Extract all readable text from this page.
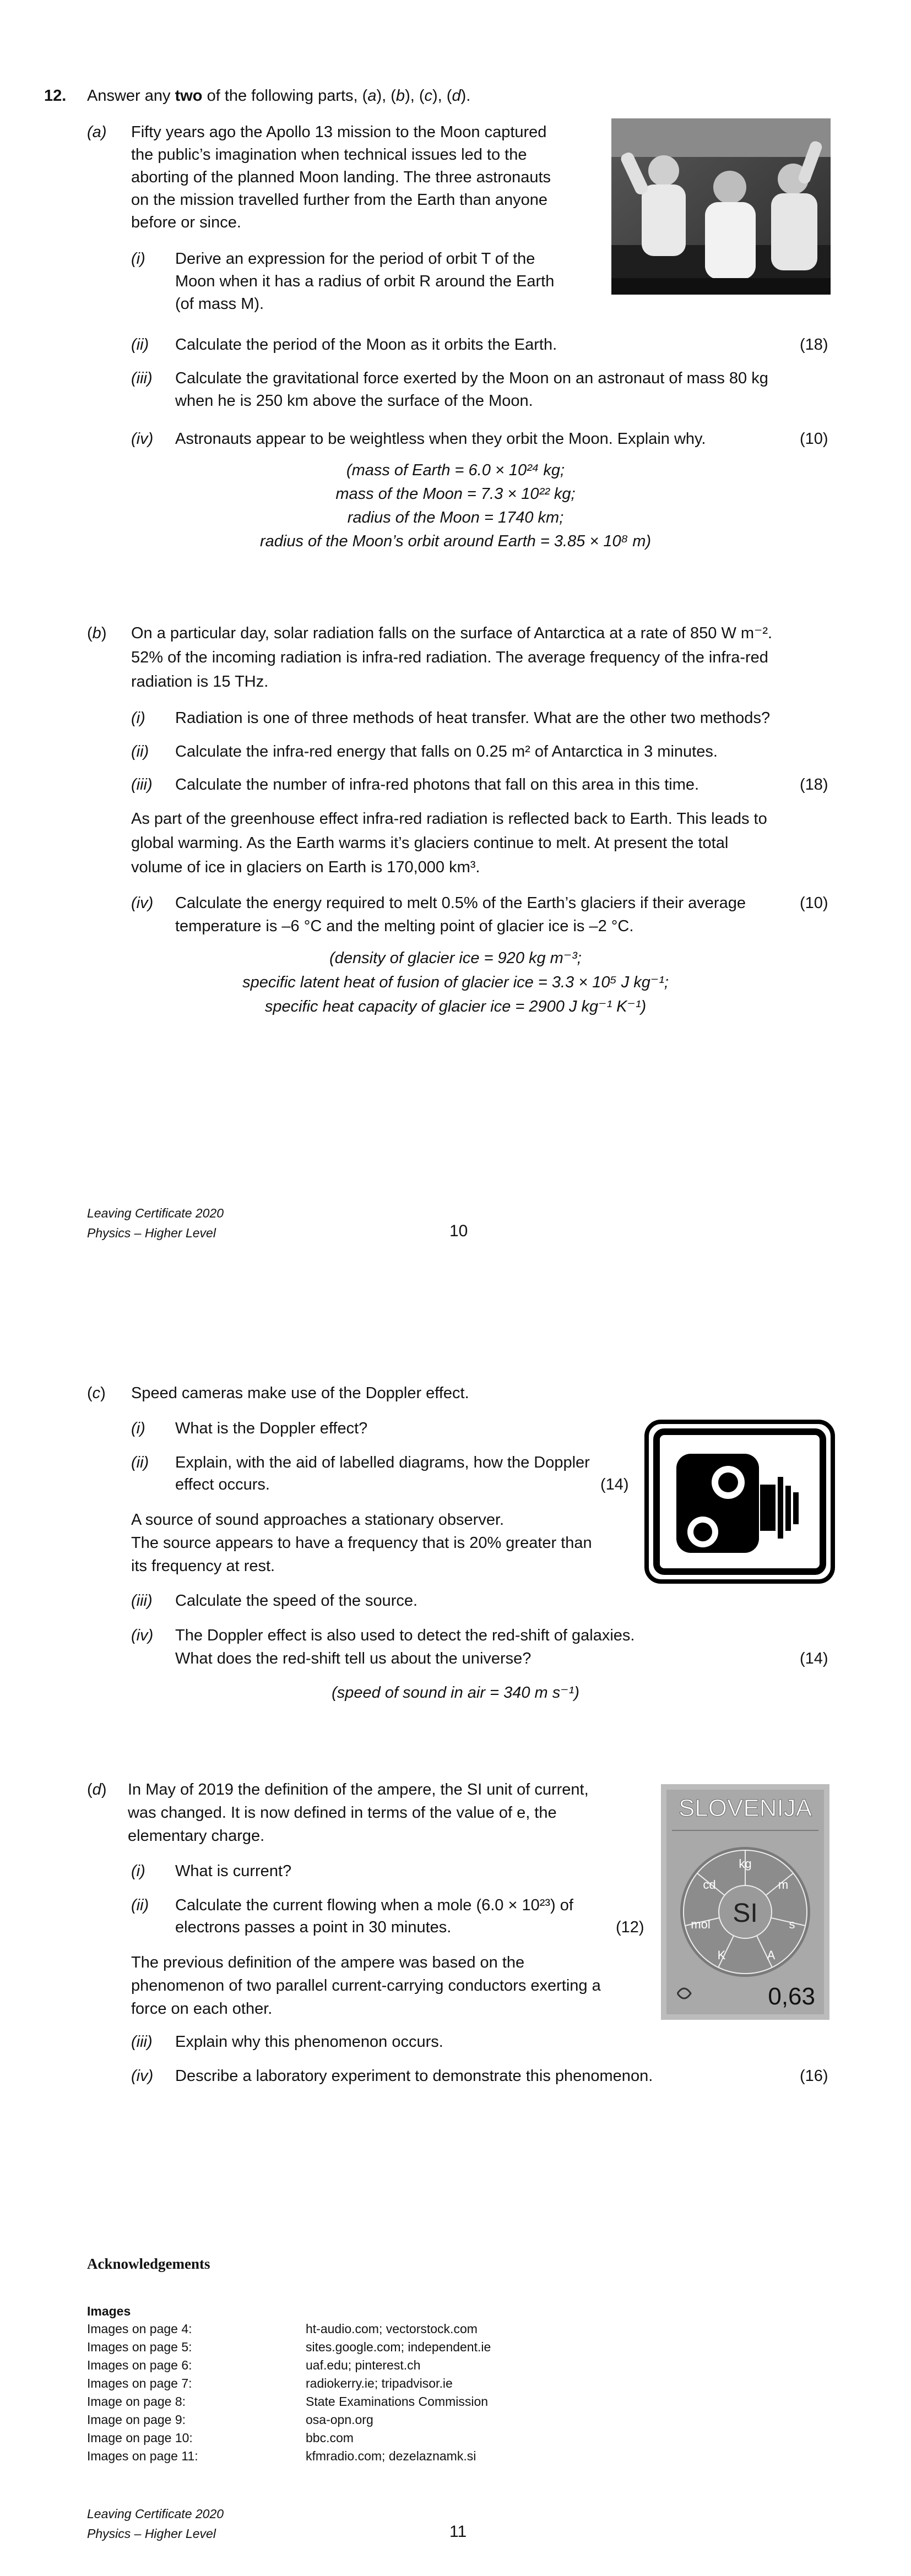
12. Answer any two of the following parts, (a), (b), (c), (d).
(a) Fifty years ago the Apollo 13 mission to the Moon captured
the public’s imagination when technical issues led to the
aborting of the planned Moon landing. The three astronauts
on the mission travelled further from the Earth than anyone
before or since.
(i) Derive an expression for the period of orbit T of the
Moon when it has a radius of orbit R around the Earth
(of mass M).
(ii) Calculate the period of the Moon as it orbits the Earth.	(18)
(iii) Calculate the gravitational force exerted by the Moon on an astronaut of mass 80 kg
when he is 250 km above the surface of the Moon.
(iv) Astronauts appear to be weightless when they orbit the Moon. Explain why.	(10)
(mass of Earth = 6.0 × 10²⁴ kg;
mass of the Moon = 7.3 × 10²² kg;
radius of the Moon = 1740 km;
radius of the Moon’s orbit around Earth = 3.85 × 10⁸ m)
(b) On a particular day, solar radiation falls on the surface of Antarctica at a rate of 850 W m⁻².
52% of the incoming radiation is infra-red radiation. The average frequency of the infra-red
radiation is 15 THz.
(i) Radiation is one of three methods of heat transfer. What are the other two methods?
(ii) Calculate the infra-red energy that falls on 0.25 m² of Antarctica in 3 minutes.
(iii) Calculate the number of infra-red photons that fall on this area in this time.	(18)
As part of the greenhouse effect infra-red radiation is reflected back to Earth. This leads to
global warming. As the Earth warms it’s glaciers continue to melt. At present the total
volume of ice in glaciers on Earth is 170,000 km³.
(iv) Calculate the energy required to melt 0.5% of the Earth’s glaciers if their average
temperature is –6 °C and the melting point of glacier ice is –2 °C.
(10)
(density of glacier ice = 920 kg m⁻³;
specific latent heat of fusion of glacier ice = 3.3 × 10⁵ J kg⁻¹;
specific heat capacity of glacier ice = 2900 J kg⁻¹ K⁻¹)
Leaving Certificate 2020
Physics – Higher Level	10
(c) Speed cameras make use of the Doppler effect.
(i) What is the Doppler effect?
(ii) Explain, with the aid of labelled diagrams, how the Doppler
effect occurs.	(14)
A source of sound approaches a stationary observer.
The source appears to have a frequency that is 20% greater than
its frequency at rest.
(iii) Calculate the speed of the source.
(iv) The Doppler effect is also used to detect the red-shift of galaxies.
What does the red-shift tell us about the universe?	(14)
(speed of sound in air = 340 m s⁻¹)
(d) In May of 2019 the definition of the ampere, the SI unit of current,
was changed. It is now defined in terms of the value of e, the
elementary charge.
(i) What is current?
(ii) Calculate the current flowing when a mole (6.0 × 10²³) of
electrons passes a point in 30 minutes.	(12)
The previous definition of the ampere was based on the
phenomenon of two parallel current-carrying conductors exerting a
force on each other.
SLOVENIJA
SI
kg
m
s
A
K
mol
cd
0,63
(iii) Explain why this phenomenon occurs.
(iv) Describe a laboratory experiment to demonstrate this phenomenon.	(16)
Acknowledgements
Images
Images on page 4:	ht-audio.com; vectorstock.com
Images on page 5:	sites.google.com; independent.ie
Images on page 6:	uaf.edu; pinterest.ch
Images on page 7:	radiokerry.ie; tripadvisor.ie
Image on page 8:	State Examinations Commission
Image on page 9:	osa-opn.org
Image on page 10:	bbc.com
Images on page 11:	kfmradio.com; dezelaznamk.si
Leaving Certificate 2020
Physics – Higher Level	11
